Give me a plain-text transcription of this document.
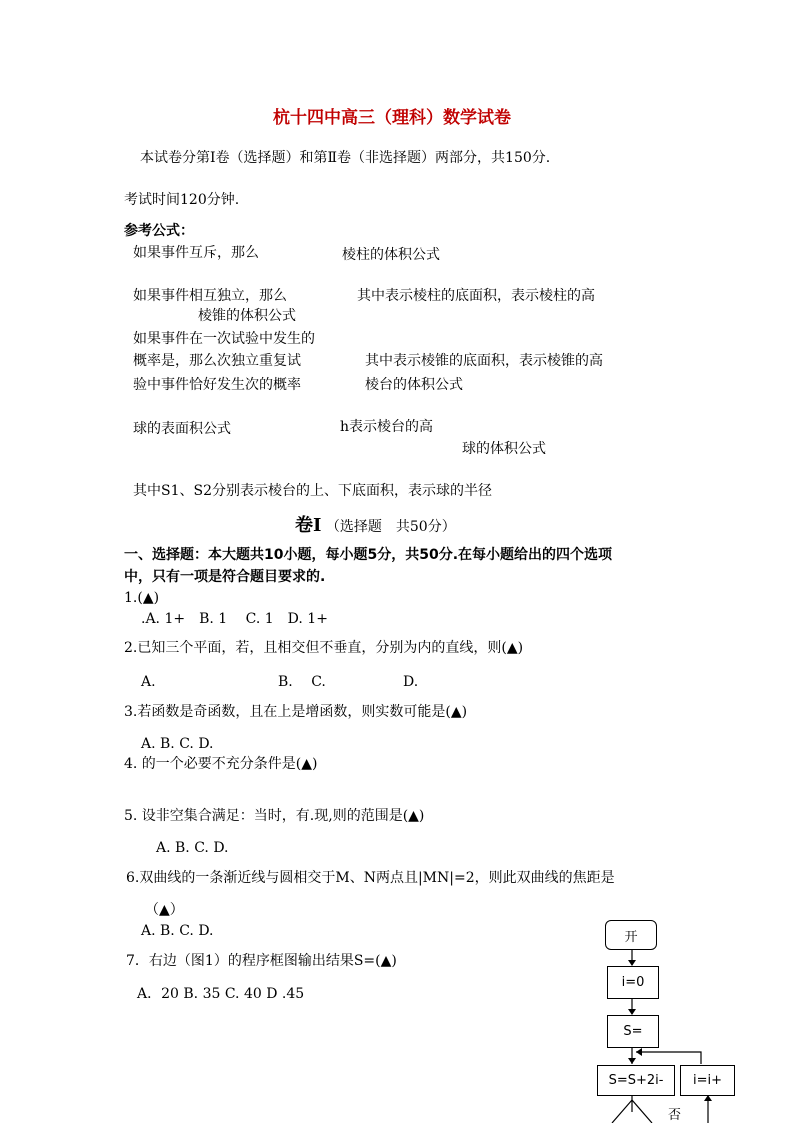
杭十四中高三（理科）数学试卷
本试卷分第Ⅰ卷（选择题）和第Ⅱ卷（非选择题）两部分，共150分.
考试时间120分钟.
参考公式：
如果事件互斥，那么	棱柱的体积公式
如果事件相互独立，那么	其中表示棱柱的底面积，表示棱柱的高
棱锥的体积公式
如果事件在一次试验中发生的
概率是，那么次独立重复试	其中表示棱锥的底面积，表示棱锥的高
验中事件恰好发生次的概率	棱台的体积公式
球的表面积公式	h表示棱台的高
球的体积公式
其中S1、S2分别表示棱台的上、下底面积，表示球的半径
卷Ⅰ （选择题　共50分）
一、选择题：本大题共10小题，每小题5分，共50分.在每小题给出的四个选项
中，只有一项是符合题目要求的.
1.(▲)
.A. 1+　B. 1　 C. 1　D. 1+
2.已知三个平面，若，且相交但不垂直，分别为内的直线，则(▲)
A.	B.　 C.	D.
3.若函数是奇函数，且在上是增函数，则实数可能是(▲)
A. B. C. D.
4. 的一个必要不充分条件是(▲)
5. 设非空集合满足：当时，有.现,则的范围是(▲)
A. B. C. D.
6.双曲线的一条渐近线与圆相交于M、N两点且|MN|=2，则此双曲线的焦距是
（▲）
A. B. C. D.
7．右边（图1）的程序框图输出结果S=(▲)
A．20 B. 35 C. 40 D .45
开
i=0
S=
S=S+2i-	i=i+
否
